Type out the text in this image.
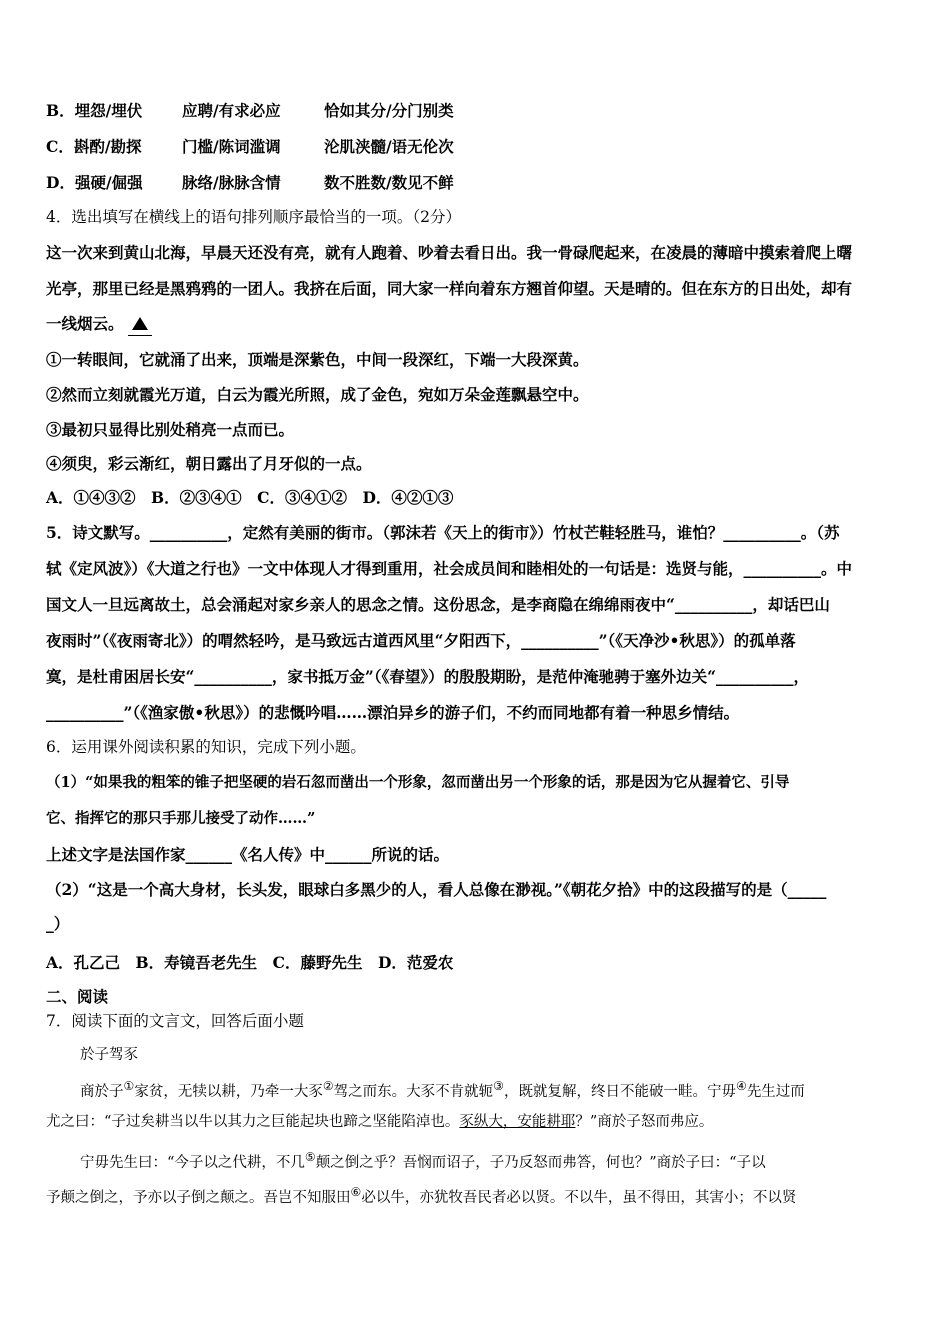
B．埋怨/埋伏	应聘/有求必应	恰如其分/分门别类
C．斟酌/勘探	门槛/陈词滥调	沦肌浃髓/语无伦次
D．强硬/倔强	脉络/脉脉含情	数不胜数/数见不鲜
4．选出填写在横线上的语句排列顺序最恰当的一项。（2分）
这一次来到黄山北海，早晨天还没有亮，就有人跑着、吵着去看日出。我一骨碌爬起来，在凌晨的薄暗中摸索着爬上曙
光亭，那里已经是黑鸦鸦的一团人。我挤在后面，同大家一样向着东方翘首仰望。天是晴的。但在东方的日出处，却有
一线烟云。
①一转眼间，它就涌了出来，顶端是深紫色，中间一段深红，下端一大段深黄。
②然而立刻就霞光万道，白云为霞光所照，成了金色，宛如万朵金莲飘悬空中。
③最初只显得比别处稍亮一点而已。
④须臾，彩云渐红，朝日露出了月牙似的一点。
A．①④③②　B．②③④①　C．③④①②　D．④②①③
5．诗文默写。__________，定然有美丽的街市。（郭沫若《天上的街市》）竹杖芒鞋轻胜马，谁怕？__________。（苏
轼《定风波》）《大道之行也》一文中体现人才得到重用，社会成员间和睦相处的一句话是：选贤与能，__________。中
国文人一旦远离故土，总会涌起对家乡亲人的思念之情。这份思念，是李商隐在绵绵雨夜中“__________，却话巴山
夜雨时”（《夜雨寄北》）的喟然轻吟，是马致远古道西风里“夕阳西下，__________”（《天净沙•秋思》）的孤单落
寞，是杜甫困居长安“__________，家书抵万金”（《春望》）的殷殷期盼，是范仲淹驰骋于塞外边关“__________，
__________”（《渔家傲•秋思》）的悲慨吟唱……漂泊异乡的游子们，不约而同地都有着一种思乡情结。
6．运用课外阅读积累的知识，完成下列小题。
（1）“如果我的粗笨的锥子把坚硬的岩石忽而凿出一个形象，忽而凿出另一个形象的话，那是因为它从握着它、引导
它、指挥它的那只手那儿接受了动作……”
上述文字是法国作家______《名人传》中______所说的话。
（2）“这是一个高大身材，长头发，眼球白多黑少的人，看人总像在渺视。”《朝花夕拾》中的这段描写的是（_____
_）
A．孔乙己　B．寿镜吾老先生　C．藤野先生　D．范爱农
二、阅读
7．阅读下面的文言文，回答后面小题
於子驾豕
商於子①家贫，无犊以耕，乃牵一大豕②驾之而东。大豕不肯就轭③，既就复解，终日不能破一畦。宁毋④先生过而
尤之曰：“子过矣耕当以牛以其力之巨能起块也蹄之坚能陷淖也。豕纵大，安能耕耶？”商於子怒而弗应。
宁毋先生曰：“今子以之代耕，不几⑤颠之倒之乎？吾悯而诏子，子乃反怒而弗答，何也？”商於子曰：“子以
予颠之倒之，予亦以子倒之颠之。吾岂不知服田⑥必以牛，亦犹牧吾民者必以贤。不以牛，虽不得田，其害小；不以贤
